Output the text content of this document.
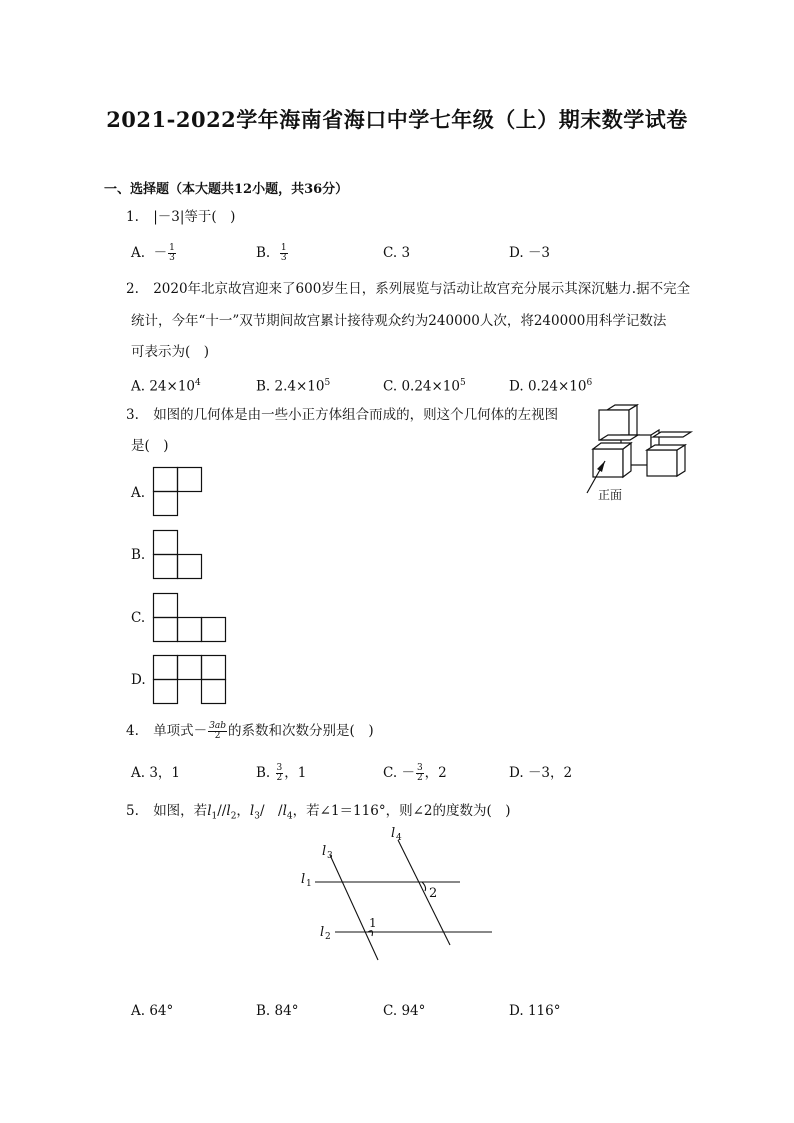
2021-2022学年海南省海口中学七年级（上）期末数学试卷
一、选择题（本大题共12小题，共36分）
1. |－3|等于(　)
A. － $\frac{1}{3}$	B. $\frac{1}{3}$	C. 3	D. －3
2. 2020年北京故宫迎来了600岁生日，系列展览与活动让故宫充分展示其深沉魅力.据不完全
统计，今年“十一”双节期间故宫累计接待观众约为240000人次，将240000用科学记数法
可表示为(　)
A. $24\times 10^4$	B. $2.4\times 10^5$	C. $0.24\times 10^5$	D. $0.24\times 10^6$
3. 如图的几何体是由一些小正方体组合而成的，则这个几何体的左视图
是(　)
正面
A.
B.
C.
D.
4. 单项式－ $\frac{3ab}{2}$ 的系数和次数分别是(　)
A. 3，1	B. $\frac{3}{2}$ ，1	C. － $\frac{3}{2}$ ，2	D. －3，2
5. 如图，若$l_1//l_2$，$l_3/$　$/l_4$，若∠1＝116°，则∠2的度数为(　)
l 3
l 4
l 1
l 2
2
1
A. 64°	B. 84°	C. 94°	D. 116°
